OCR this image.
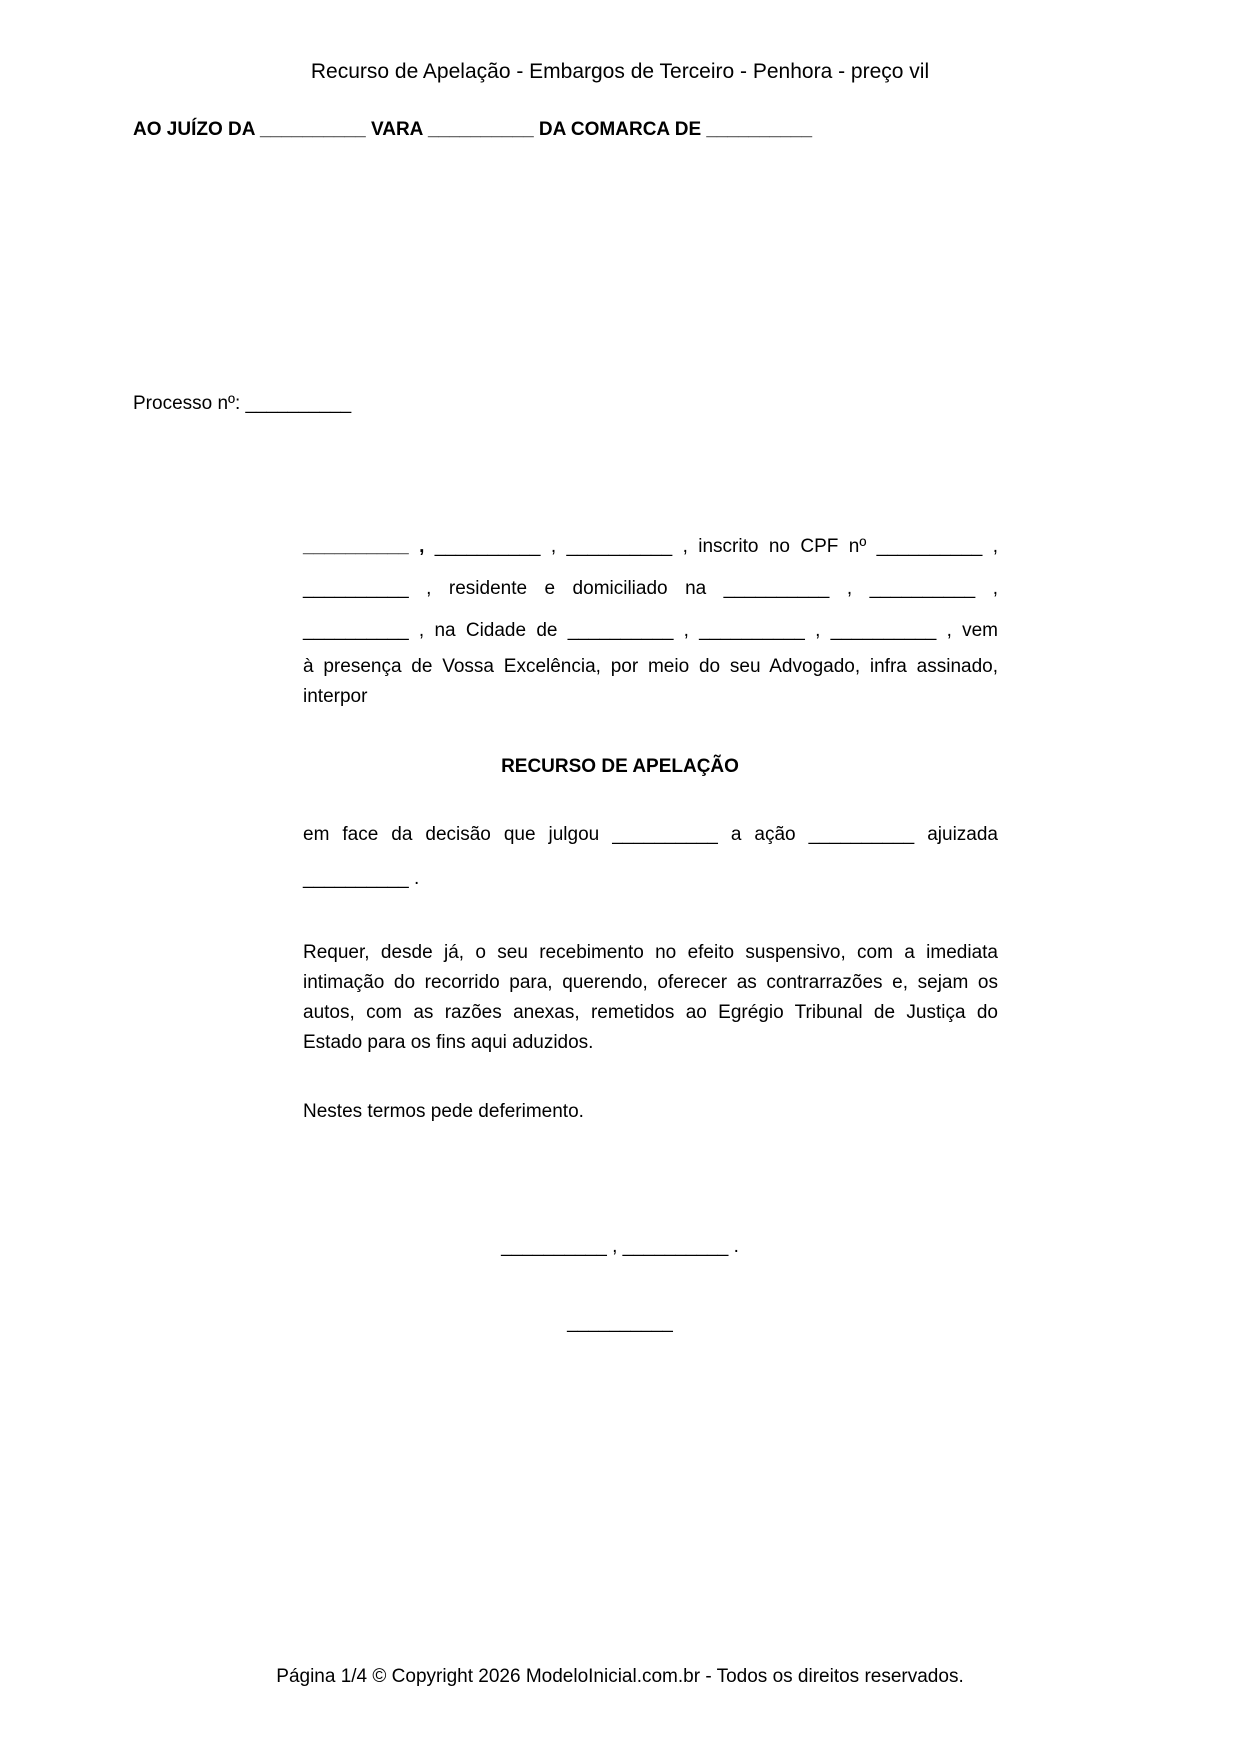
Recurso de Apelação - Embargos de Terceiro - Penhora - preço vil
AO JUÍZO DA __________ VARA __________ DA COMARCA DE __________
Processo nº: __________
__________ , __________ , __________ , inscrito no CPF nº __________ ,
__________ , residente e domiciliado na __________ , __________ ,
__________ , na Cidade de __________ , __________ , __________ , vem
à presença de Vossa Excelência, por meio do seu Advogado, infra assinado,
interpor
RECURSO DE APELAÇÃO
em face da decisão que julgou __________ a ação __________ ajuizada
__________ .
Requer, desde já, o seu recebimento no efeito suspensivo, com a imediata
intimação do recorrido para, querendo, oferecer as contrarrazões e, sejam os
autos, com as razões anexas, remetidos ao Egrégio Tribunal de Justiça do
Estado para os fins aqui aduzidos.
Nestes termos pede deferimento.
__________ , __________ .
__________
Página 1/4 © Copyright 2026 ModeloInicial.com.br - Todos os direitos reservados.
